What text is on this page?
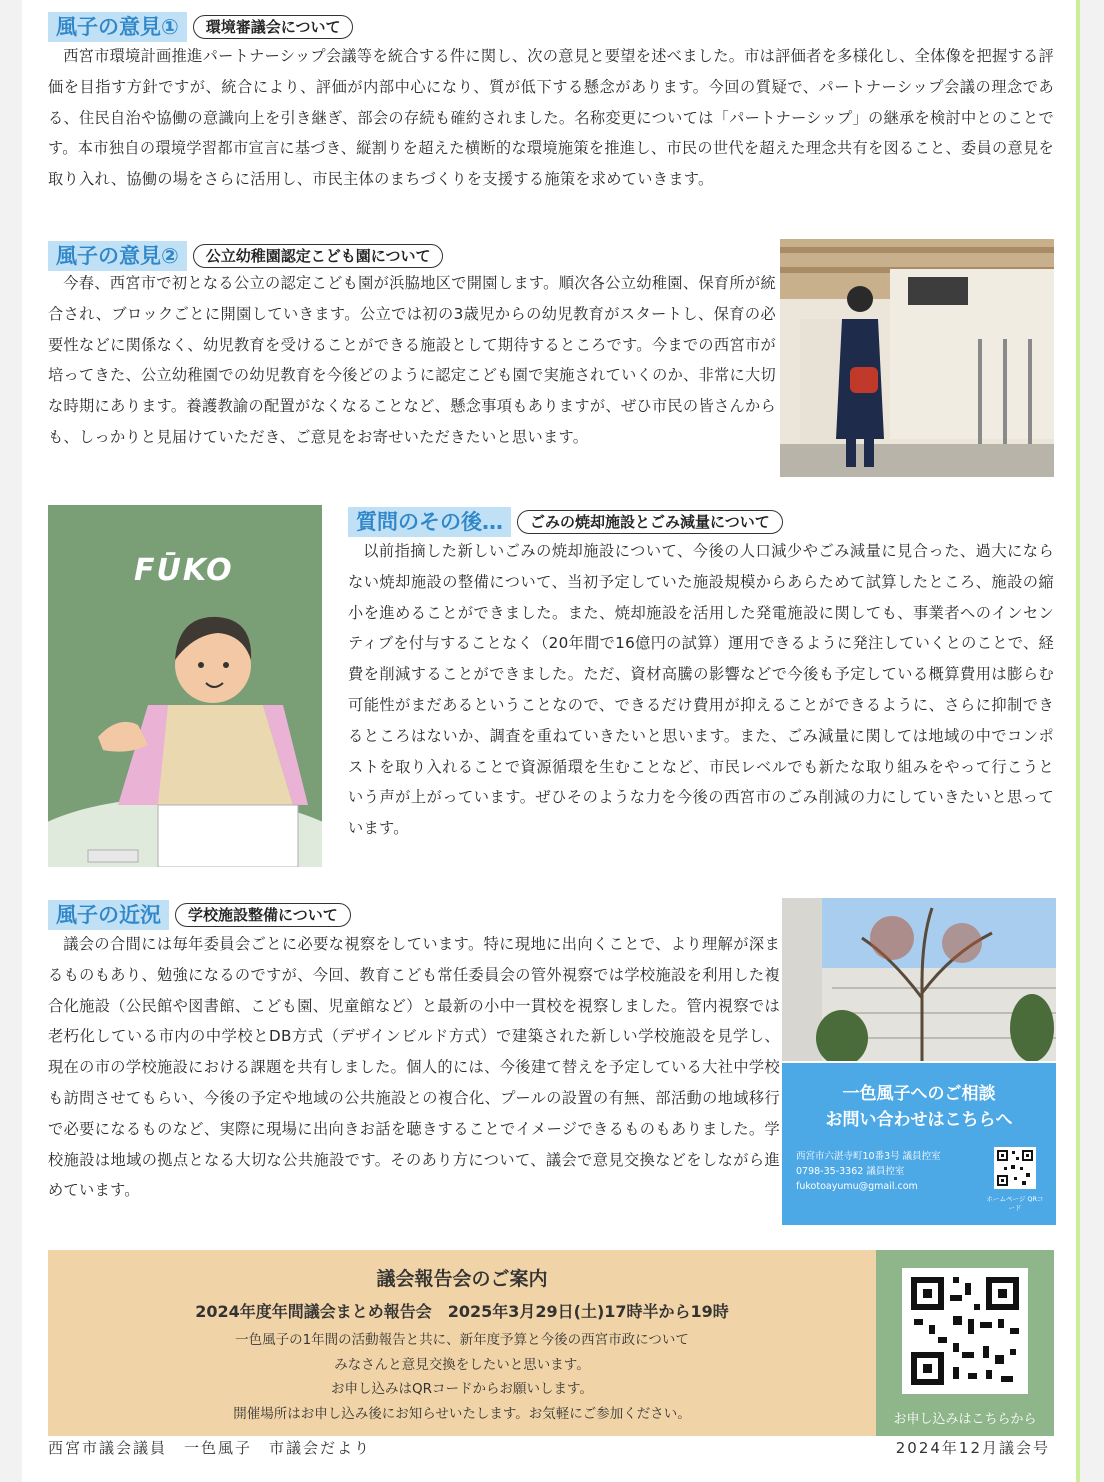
風子の意見①	環境審議会について

西宮市環境計画推進パートナーシップ会議等を統合する件に関し、次の意見と要望を述べました。市は評価者を多様化し、全体像を把握する評価を目指す方針ですが、統合により、評価が内部中心になり、質が低下する懸念があります。今回の質疑で、パートナーシップ会議の理念である、住民自治や協働の意識向上を引き継ぎ、部会の存続も確約されました。名称変更については「パートナーシップ」の継承を検討中とのことです。本市独自の環境学習都市宣言に基づき、縦割りを超えた横断的な環境施策を推進し、市民の世代を超えた理念共有を図ること、委員の意見を取り入れ、協働の場をさらに活用し、市民主体のまちづくりを支援する施策を求めていきます。

風子の意見②	公立幼稚園認定こども園について

今春、西宮市で初となる公立の認定こども園が浜脇地区で開園します。順次各公立幼稚園、保育所が統合され、ブロックごとに開園していきます。公立では初の3歳児からの幼児教育がスタートし、保育の必要性などに関係なく、幼児教育を受けることができる施設として期待するところです。今までの西宮市が培ってきた、公立幼稚園での幼児教育を今後どのように認定こども園で実施されていくのか、非常に大切な時期にあります。養護教諭の配置がなくなることなど、懸念事項もありますが、ぜひ市民の皆さんからも、しっかりと見届けていただき、ご意見をお寄せいただきたいと思います。

FŪKO
質問のその後…	ごみの焼却施設とごみ減量について

以前指摘した新しいごみの焼却施設について、今後の人口減少やごみ減量に見合った、過大にならない焼却施設の整備について、当初予定していた施設規模からあらためて試算したところ、施設の縮小を進めることができました。また、焼却施設を活用した発電施設に関しても、事業者へのインセンティブを付与することなく（20年間で16億円の試算）運用できるように発注していくとのことで、経費を削減することができました。ただ、資材高騰の影響などで今後も予定している概算費用は膨らむ可能性がまだあるということなので、できるだけ費用が抑えることができるように、さらに抑制できるところはないか、調査を重ねていきたいと思います。また、ごみ減量に関しては地域の中でコンポストを取り入れることで資源循環を生むことなど、市民レベルでも新たな取り組みをやって行こうという声が上がっています。ぜひそのような力を今後の西宮市のごみ削減の力にしていきたいと思っています。

風子の近況	学校施設整備について

議会の合間には毎年委員会ごとに必要な視察をしています。特に現地に出向くことで、より理解が深まるものもあり、勉強になるのですが、今回、教育こども常任委員会の管外視察では学校施設を利用した複合化施設（公民館や図書館、こども園、児童館など）と最新の小中一貫校を視察しました。管内視察では老朽化している市内の中学校とDB方式（デザインビルド方式）で建築された新しい学校施設を見学し、現在の市の学校施設における課題を共有しました。個人的には、今後建て替えを予定している大社中学校も訪問させてもらい、今後の予定や地域の公共施設との複合化、プールの設置の有無、部活動の地域移行で必要になるものなど、実際に現場に出向きお話を聴きすることでイメージできるものもありました。学校施設は地域の拠点となる大切な公共施設です。そのあり方について、議会で意見交換などをしながら進めています。

一色風子へのご相談
お問い合わせはこちらへ
西宮市六湛寺町10番3号 議員控室
0798-35-3362 議員控室
fukotoayumu@gmail.com
ホームページ QRコード
議会報告会のご案内
2024年度年間議会まとめ報告会　2025年3月29日(土)17時半から19時
一色風子の1年間の活動報告と共に、新年度予算と今後の西宮市政について
みなさんと意見交換をしたいと思います。
お申し込みはQRコードからお願いします。
開催場所はお申し込み後にお知らせいたします。お気軽にご参加ください。	お申し込みはこちらから
西宮市議会議員　一色風子　市議会だより	2024年12月議会号
